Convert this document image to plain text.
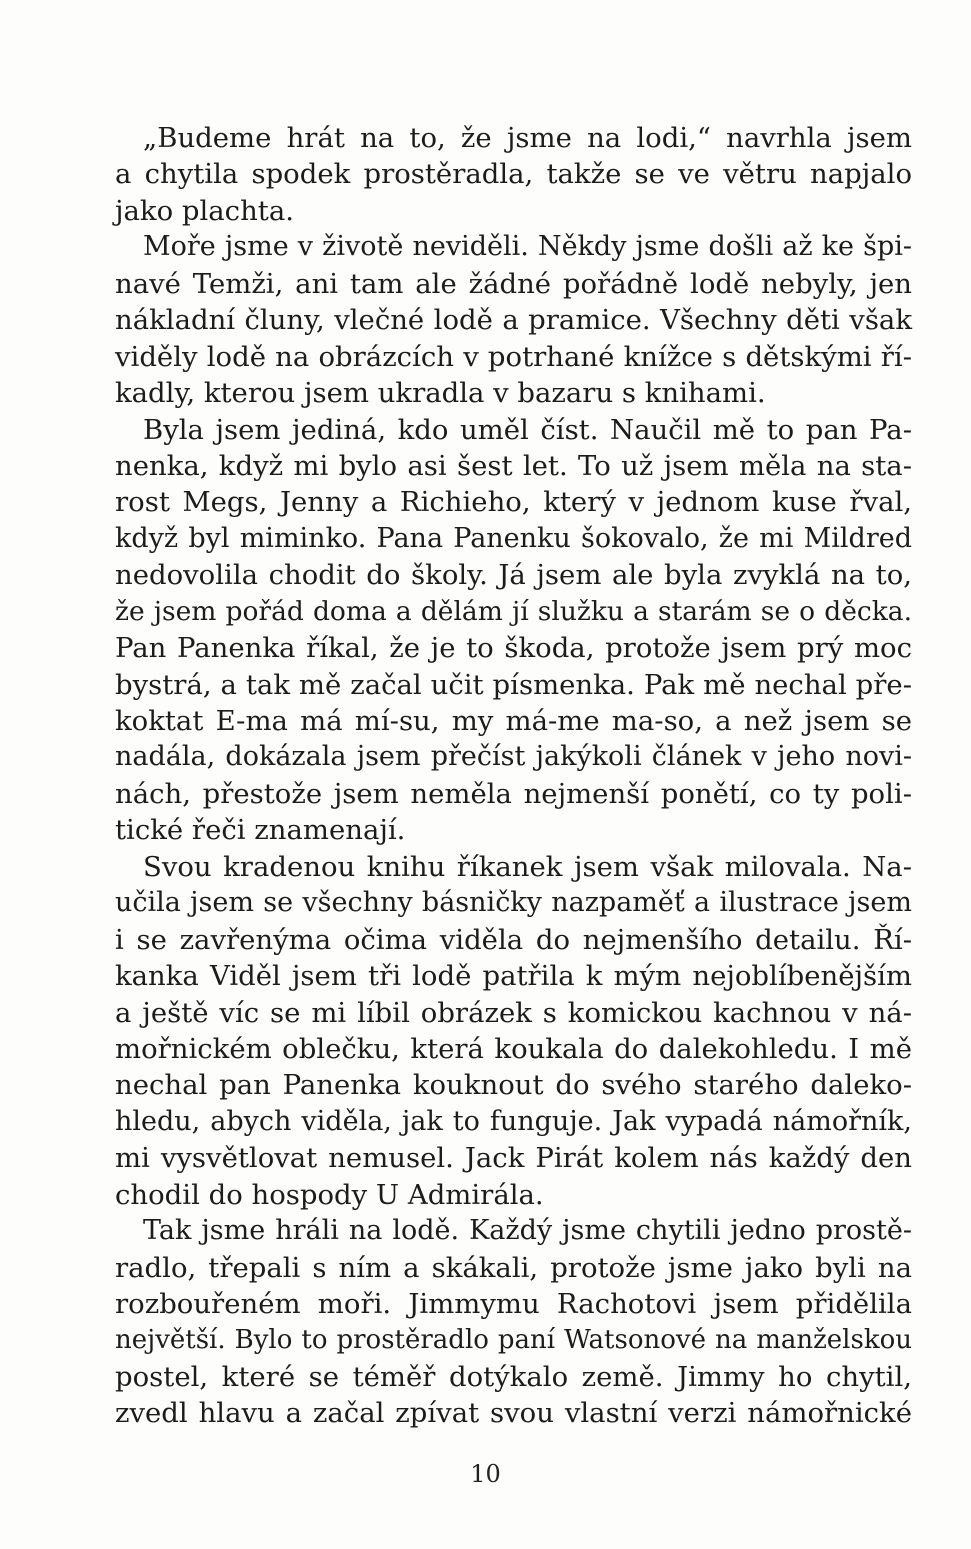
„Budeme hrát na to, že jsme na lodi,“ navrhla jsem
a chytila spodek prostěradla, takže se ve větru napjalo
jako plachta.
Moře jsme v životě neviděli. Někdy jsme došli až ke špi-
navé Temži, ani tam ale žádné pořádně lodě nebyly, jen
nákladní čluny, vlečné lodě a pramice. Všechny děti však
viděly lodě na obrázcích v potrhané knížce s dětskými ří-
kadly, kterou jsem ukradla v bazaru s knihami.
Byla jsem jediná, kdo uměl číst. Naučil mě to pan Pa-
nenka, když mi bylo asi šest let. To už jsem měla na sta-
rost Megs, Jenny a Richieho, který v jednom kuse řval,
když byl miminko. Pana Panenku šokovalo, že mi Mildred
nedovolila chodit do školy. Já jsem ale byla zvyklá na to,
že jsem pořád doma a dělám jí služku a starám se o děcka.
Pan Panenka říkal, že je to škoda, protože jsem prý moc
bystrá, a tak mě začal učit písmenka. Pak mě nechal pře-
koktat E-ma má mí-su, my má-me ma-so, a než jsem se
nadála, dokázala jsem přečíst jakýkoli článek v jeho novi-
nách, přestože jsem neměla nejmenší ponětí, co ty poli-
tické řeči znamenají.
Svou kradenou knihu říkanek jsem však milovala. Na-
učila jsem se všechny básničky nazpaměť a ilustrace jsem
i se zavřenýma očima viděla do nejmenšího detailu. Ří-
kanka Viděl jsem tři lodě patřila k mým nejoblíbenějším
a ještě víc se mi líbil obrázek s komickou kachnou v ná-
mořnickém oblečku, která koukala do dalekohledu. I mě
nechal pan Panenka kouknout do svého starého daleko-
hledu, abych viděla, jak to funguje. Jak vypadá námořník,
mi vysvětlovat nemusel. Jack Pirát kolem nás každý den
chodil do hospody U Admirála.
Tak jsme hráli na lodě. Každý jsme chytili jedno prostě-
radlo, třepali s ním a skákali, protože jsme jako byli na
rozbouřeném moři. Jimmymu Rachotovi jsem přidělila
největší. Bylo to prostěradlo paní Watsonové na manželskou
postel, které se téměř dotýkalo země. Jimmy ho chytil,
zvedl hlavu a začal zpívat svou vlastní verzi námořnické
10
